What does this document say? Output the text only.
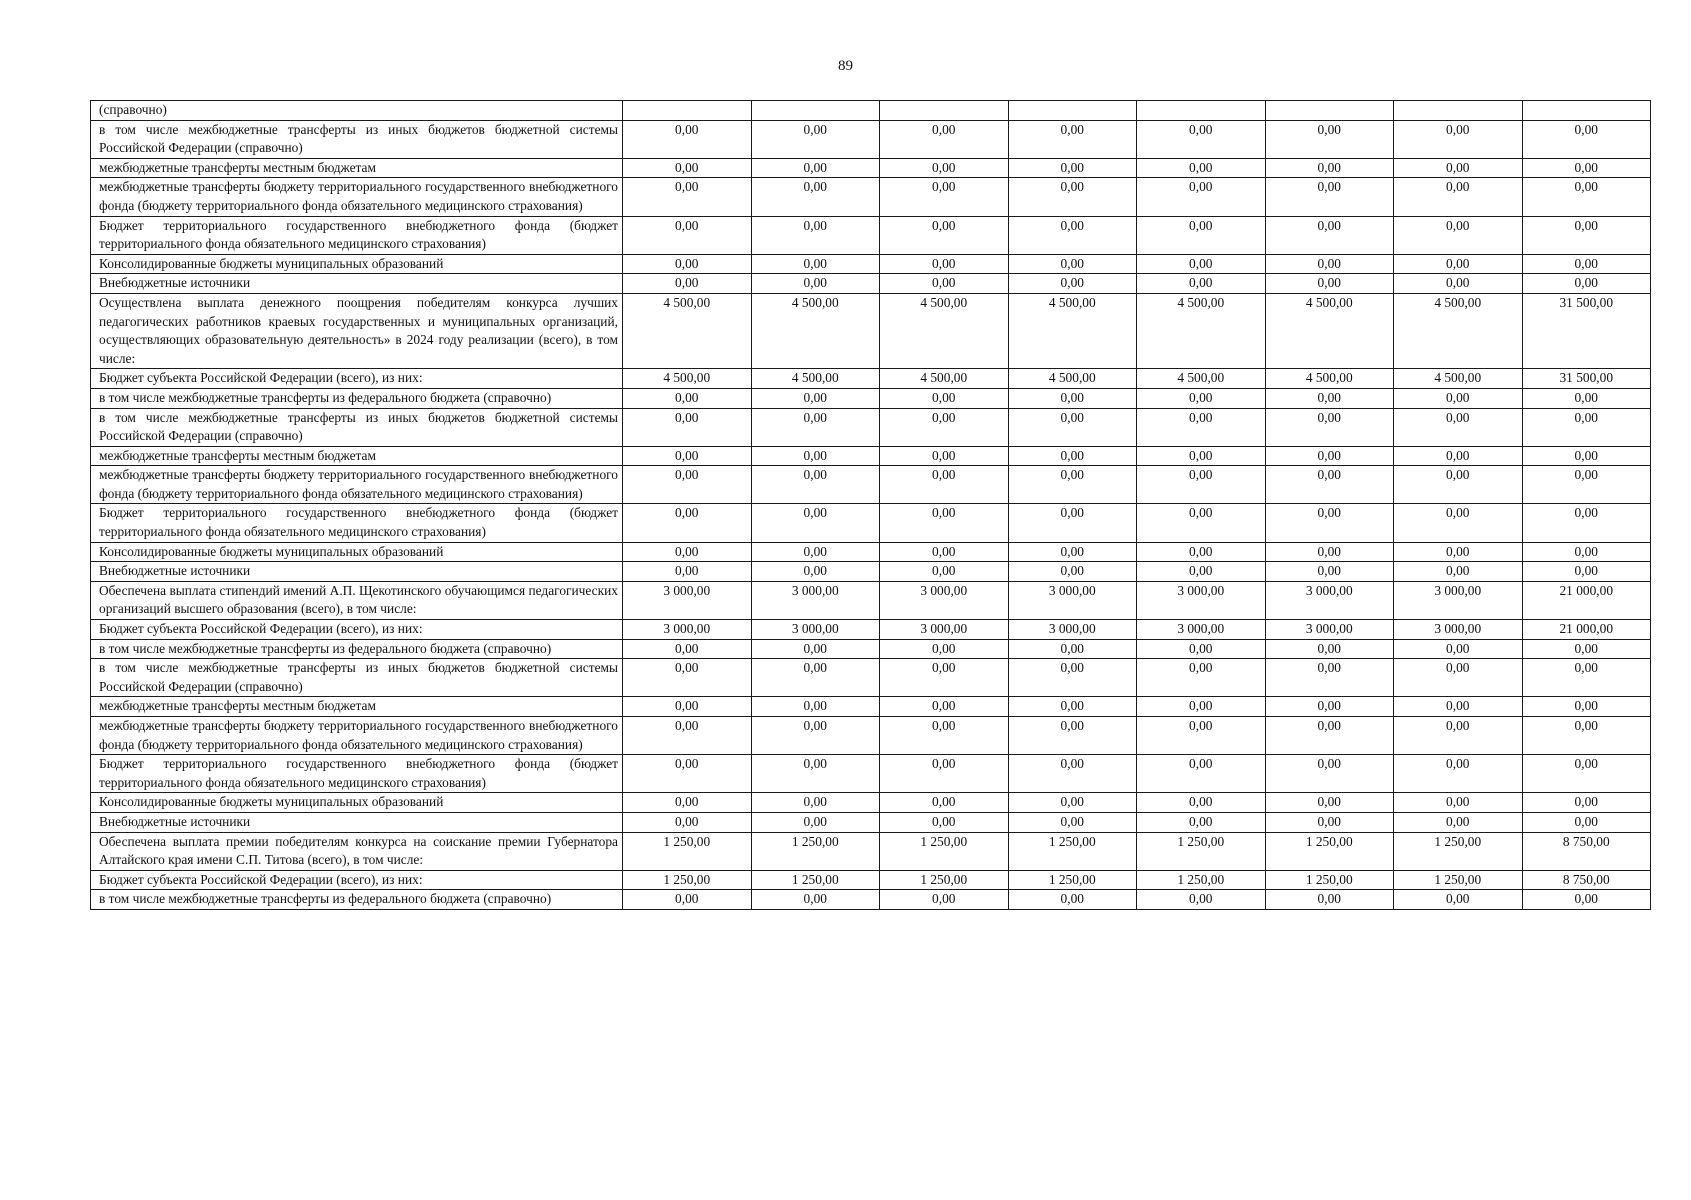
89
(справочно)								
в том числе межбюджетные трансферты из иных бюджетов бюджетной системы Российской Федерации (справочно)	0,00	0,00	0,00	0,00	0,00	0,00	0,00	0,00
межбюджетные трансферты местным бюджетам	0,00	0,00	0,00	0,00	0,00	0,00	0,00	0,00
межбюджетные трансферты бюджету территориального государственного внебюджетного фонда (бюджету территориального фонда обязательного медицинского страхования)	0,00	0,00	0,00	0,00	0,00	0,00	0,00	0,00
Бюджет территориального государственного внебюджетного фонда (бюджет территориального фонда обязательного медицинского страхования)	0,00	0,00	0,00	0,00	0,00	0,00	0,00	0,00
Консолидированные бюджеты муниципальных образований	0,00	0,00	0,00	0,00	0,00	0,00	0,00	0,00
Внебюджетные источники	0,00	0,00	0,00	0,00	0,00	0,00	0,00	0,00
Осуществлена выплата денежного поощрения победителям конкурса лучших педагогических работников краевых государственных и муниципальных организаций, осуществляющих образовательную деятельность» в 2024 году реализации (всего), в том числе:	4 500,00	4 500,00	4 500,00	4 500,00	4 500,00	4 500,00	4 500,00	31 500,00
Бюджет субъекта Российской Федерации (всего), из них:	4 500,00	4 500,00	4 500,00	4 500,00	4 500,00	4 500,00	4 500,00	31 500,00
в том числе межбюджетные трансферты из федерального бюджета (справочно)	0,00	0,00	0,00	0,00	0,00	0,00	0,00	0,00
в том числе межбюджетные трансферты из иных бюджетов бюджетной системы Российской Федерации (справочно)	0,00	0,00	0,00	0,00	0,00	0,00	0,00	0,00
межбюджетные трансферты местным бюджетам	0,00	0,00	0,00	0,00	0,00	0,00	0,00	0,00
межбюджетные трансферты бюджету территориального государственного внебюджетного фонда (бюджету территориального фонда обязательного медицинского страхования)	0,00	0,00	0,00	0,00	0,00	0,00	0,00	0,00
Бюджет территориального государственного внебюджетного фонда (бюджет территориального фонда обязательного медицинского страхования)	0,00	0,00	0,00	0,00	0,00	0,00	0,00	0,00
Консолидированные бюджеты муниципальных образований	0,00	0,00	0,00	0,00	0,00	0,00	0,00	0,00
Внебюджетные источники	0,00	0,00	0,00	0,00	0,00	0,00	0,00	0,00
Обеспечена выплата стипендий имений А.П. Щекотинского обучающимся педагогических организаций высшего образования (всего), в том числе:	3 000,00	3 000,00	3 000,00	3 000,00	3 000,00	3 000,00	3 000,00	21 000,00
Бюджет субъекта Российской Федерации (всего), из них:	3 000,00	3 000,00	3 000,00	3 000,00	3 000,00	3 000,00	3 000,00	21 000,00
в том числе межбюджетные трансферты из федерального бюджета (справочно)	0,00	0,00	0,00	0,00	0,00	0,00	0,00	0,00
в том числе межбюджетные трансферты из иных бюджетов бюджетной системы Российской Федерации (справочно)	0,00	0,00	0,00	0,00	0,00	0,00	0,00	0,00
межбюджетные трансферты местным бюджетам	0,00	0,00	0,00	0,00	0,00	0,00	0,00	0,00
межбюджетные трансферты бюджету территориального государственного внебюджетного фонда (бюджету территориального фонда обязательного медицинского страхования)	0,00	0,00	0,00	0,00	0,00	0,00	0,00	0,00
Бюджет территориального государственного внебюджетного фонда (бюджет территориального фонда обязательного медицинского страхования)	0,00	0,00	0,00	0,00	0,00	0,00	0,00	0,00
Консолидированные бюджеты муниципальных образований	0,00	0,00	0,00	0,00	0,00	0,00	0,00	0,00
Внебюджетные источники	0,00	0,00	0,00	0,00	0,00	0,00	0,00	0,00
Обеспечена выплата премии победителям конкурса на соискание премии Губернатора Алтайского края имени С.П. Титова (всего), в том числе:	1 250,00	1 250,00	1 250,00	1 250,00	1 250,00	1 250,00	1 250,00	8 750,00
Бюджет субъекта Российской Федерации (всего), из них:	1 250,00	1 250,00	1 250,00	1 250,00	1 250,00	1 250,00	1 250,00	8 750,00
в том числе межбюджетные трансферты из федерального бюджета (справочно)	0,00	0,00	0,00	0,00	0,00	0,00	0,00	0,00
